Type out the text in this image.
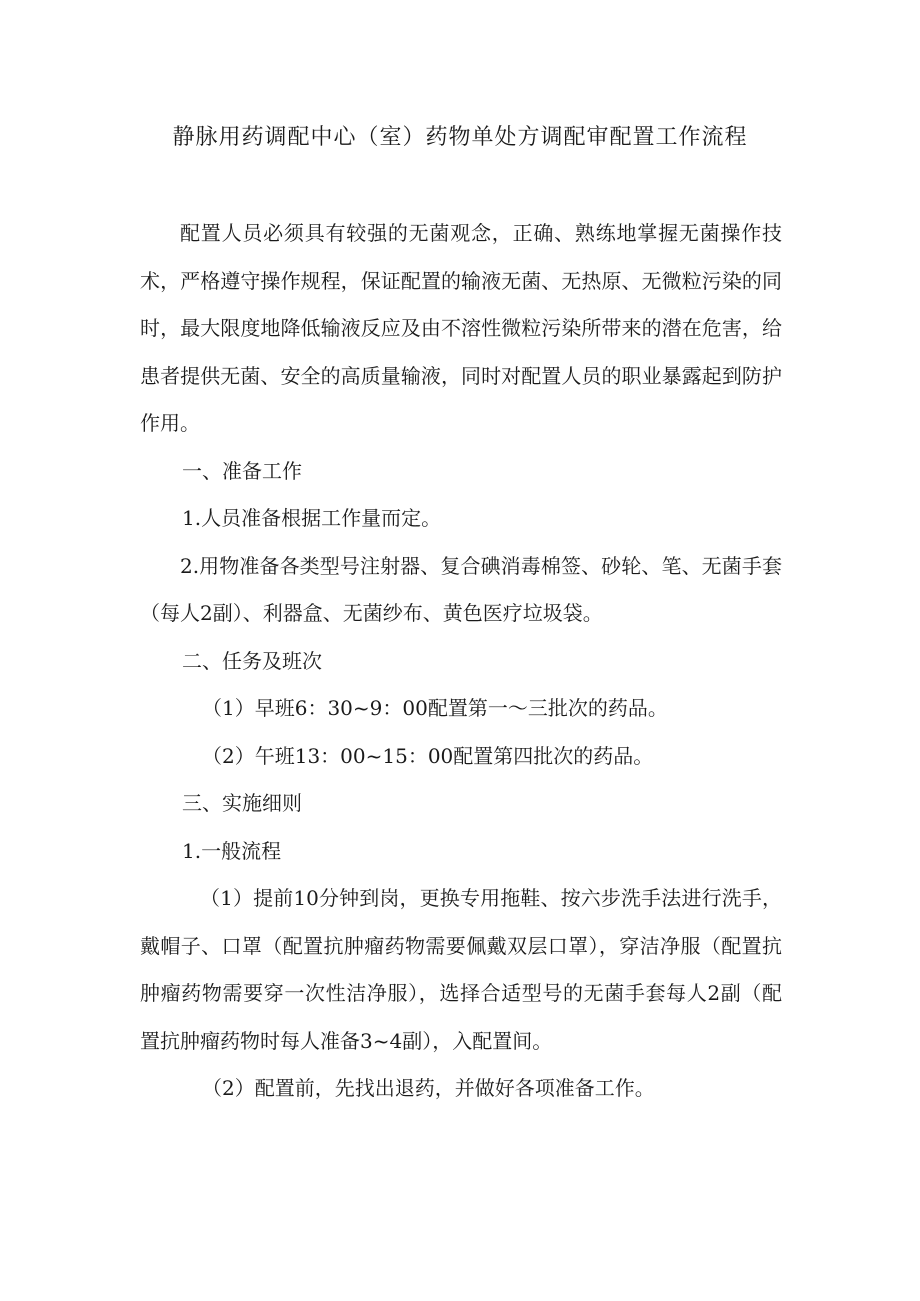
静脉用药调配中心（室）药物单处方调配审配置工作流程

配置人员必须具有较强的无菌观念，正确、熟练地掌握无菌操作技术，严格遵守操作规程，保证配置的输液无菌、无热原、无微粒污染的同时，最大限度地降低输液反应及由不溶性微粒污染所带来的潜在危害，给患者提供无菌、安全的高质量输液，同时对配置人员的职业暴露起到防护作用。

一、准备工作

1.人员准备根据工作量而定。

2.用物准备各类型号注射器、复合碘消毒棉签、砂轮、笔、无菌手套（每人2副）、利器盒、无菌纱布、黄色医疗垃圾袋。

二、任务及班次

（1）早班6：30~9：00配置第一～三批次的药品。

（2）午班13：00~15：00配置第四批次的药品。

三、实施细则

1.一般流程

（1）提前10分钟到岗，更换专用拖鞋、按六步洗手法进行洗手，戴帽子、口罩（配置抗肿瘤药物需要佩戴双层口罩），穿洁净服（配置抗肿瘤药物需要穿一次性洁净服），选择合适型号的无菌手套每人2副（配置抗肿瘤药物时每人准备3~4副），入配置间。

（2）配置前，先找出退药，并做好各项准备工作。
